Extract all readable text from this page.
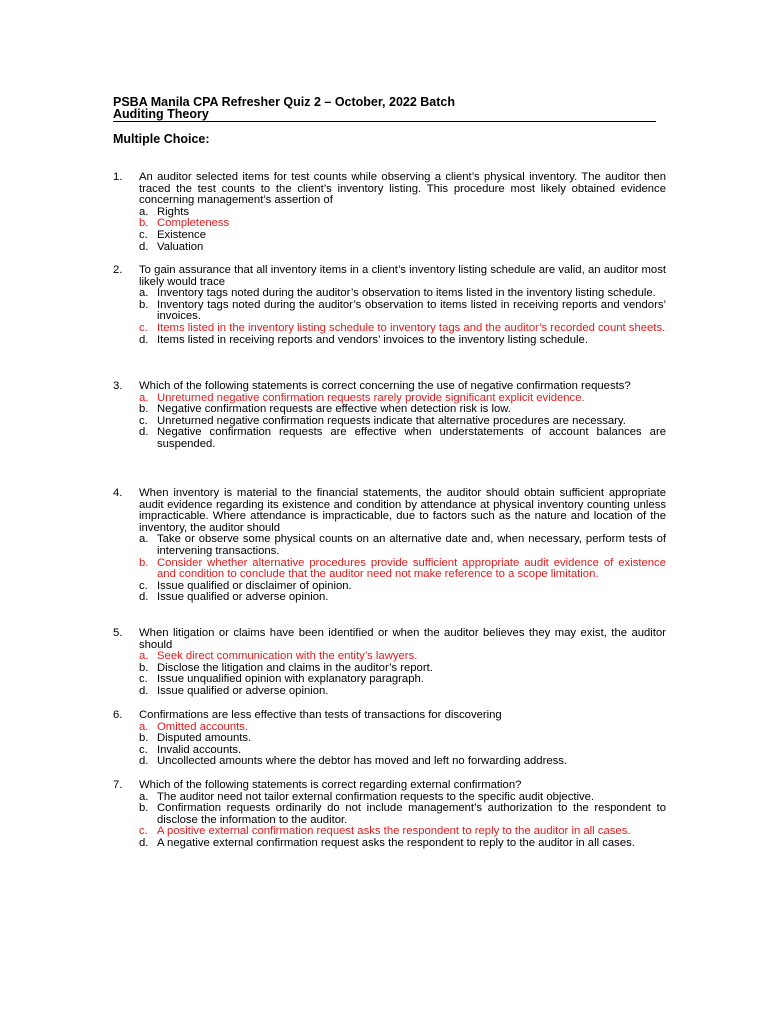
PSBA Manila CPA Refresher Quiz 2 – October, 2022 Batch
Auditing Theory
Multiple Choice:
1. An auditor selected items for test counts while observing a client’s physical inventory. The auditor then traced the test counts to the client’s inventory listing. This procedure most likely obtained evidence concerning management’s assertion of
a. Rights
b. Completeness
c. Existence
d. Valuation
2. To gain assurance that all inventory items in a client’s inventory listing schedule are valid, an auditor most likely would trace
a. Inventory tags noted during the auditor’s observation to items listed in the inventory listing schedule.
b. Inventory tags noted during the auditor’s observation to items listed in receiving reports and vendors’ invoices.
c. Items listed in the inventory listing schedule to inventory tags and the auditor’s recorded count sheets.
d. Items listed in receiving reports and vendors’ invoices to the inventory listing schedule.
3. Which of the following statements is correct concerning the use of negative confirmation requests?
a. Unreturned negative confirmation requests rarely provide significant explicit evidence.
b. Negative confirmation requests are effective when detection risk is low.
c. Unreturned negative confirmation requests indicate that alternative procedures are necessary.
d. Negative confirmation requests are effective when understatements of account balances are suspended.
4. When inventory is material to the financial statements, the auditor should obtain sufficient appropriate audit evidence regarding its existence and condition by attendance at physical inventory counting unless impracticable. Where attendance is impracticable, due to factors such as the nature and location of the inventory, the auditor should
a. Take or observe some physical counts on an alternative date and, when necessary, perform tests of intervening transactions.
b. Consider whether alternative procedures provide sufficient appropriate audit evidence of existence and condition to conclude that the auditor need not make reference to a scope limitation.
c. Issue qualified or disclaimer of opinion.
d. Issue qualified or adverse opinion.
5. When litigation or claims have been identified or when the auditor believes they may exist, the auditor should
a. Seek direct communication with the entity’s lawyers.
b. Disclose the litigation and claims in the auditor’s report.
c. Issue unqualified opinion with explanatory paragraph.
d. Issue qualified or adverse opinion.
6. Confirmations are less effective than tests of transactions for discovering
a. Omitted accounts.
b. Disputed amounts.
c. Invalid accounts.
d. Uncollected amounts where the debtor has moved and left no forwarding address.
7. Which of the following statements is correct regarding external confirmation?
a. The auditor need not tailor external confirmation requests to the specific audit objective.
b. Confirmation requests ordinarily do not include management’s authorization to the respondent to disclose the information to the auditor.
c. A positive external confirmation request asks the respondent to reply to the auditor in all cases.
d. A negative external confirmation request asks the respondent to reply to the auditor in all cases.
